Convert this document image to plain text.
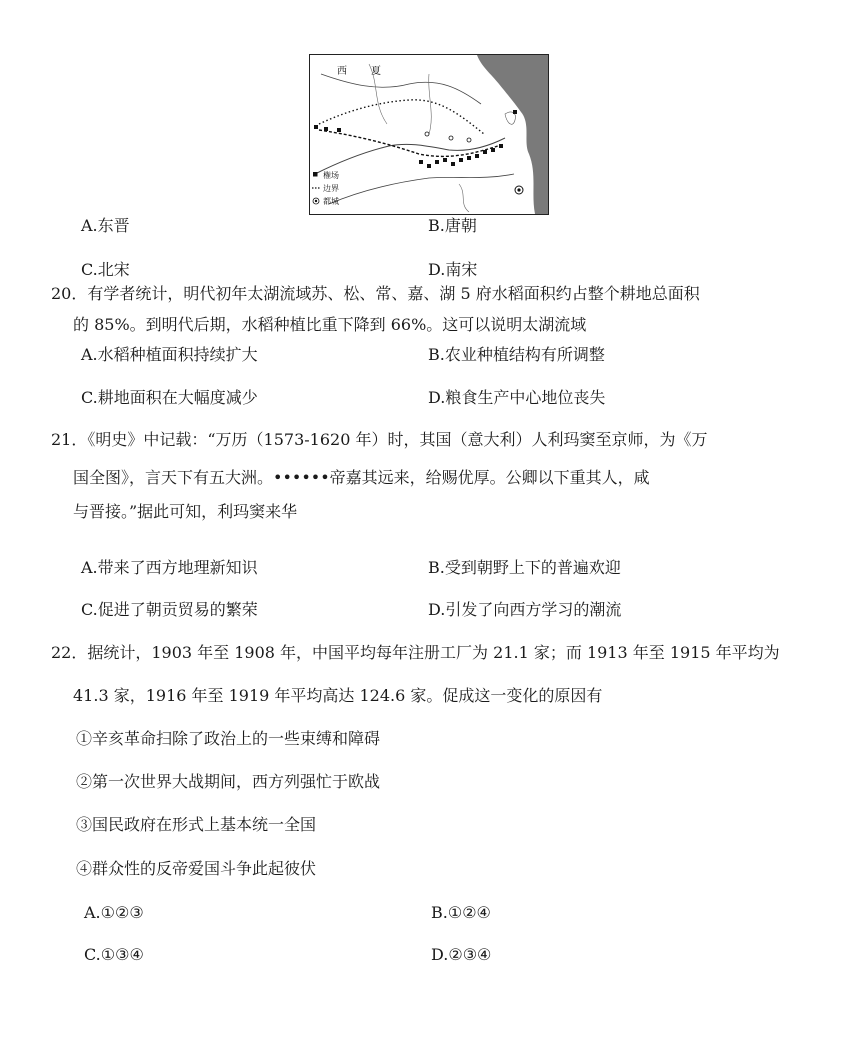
西 夏
権场
边界
都城
A.东晋	B.唐朝
C.北宋	D.南宋
20．有学者统计，明代初年太湖流域苏、松、常、嘉、湖 5 府水稻面积约占整个耕地总面积
的 85%。到明代后期，水稻种植比重下降到 66%。这可以说明太湖流域
A.水稻种植面积持续扩大	B.农业种植结构有所调整
C.耕地面积在大幅度减少	D.粮食生产中心地位丧失
21．《明史》中记载：“万历（1573-1620 年）时，其国（意大利）人利玛窦至京师，为《万
国全图》，言天下有五大洲。••••••帝嘉其远来，给赐优厚。公卿以下重其人，咸
与晋接。”据此可知，利玛窦来华
A.带来了西方地理新知识	B.受到朝野上下的普遍欢迎
C.促进了朝贡贸易的繁荣	D.引发了向西方学习的潮流
22．据统计，1903 年至 1908 年，中国平均每年注册工厂为 21.1 家；而 1913 年至 1915 年平均为
41.3 家，1916 年至 1919 年平均高达 124.6 家。促成这一变化的原因有
①辛亥革命扫除了政治上的一些束缚和障碍
②第一次世界大战期间，西方列强忙于欧战
③国民政府在形式上基本统一全国
④群众性的反帝爱国斗争此起彼伏
A.①②③	B.①②④
C.①③④	D.②③④
